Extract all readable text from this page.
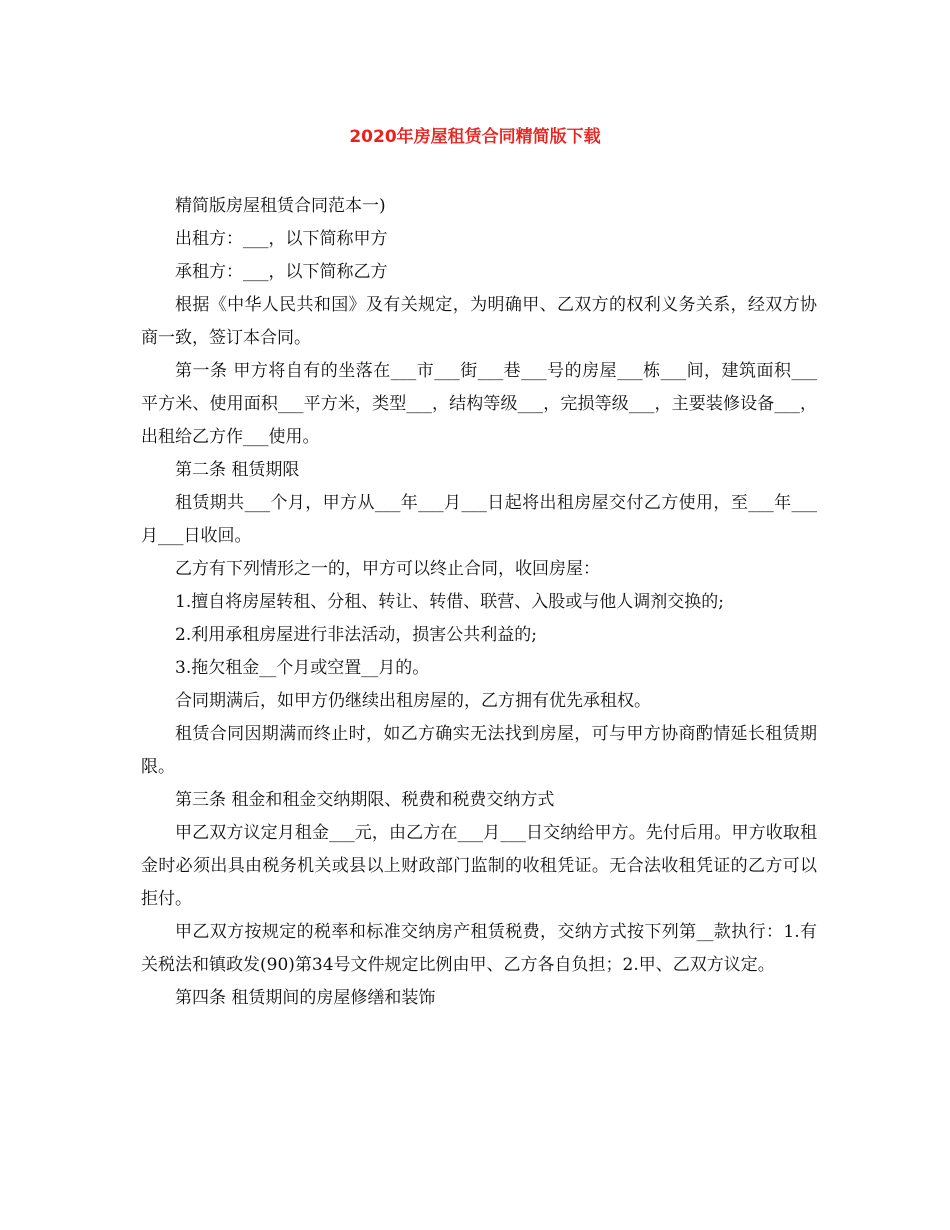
2020年房屋租赁合同精简版下载

精简版房屋租赁合同范本一)

出租方：___，以下简称甲方

承租方：___，以下简称乙方

根据《中华人民共和国》及有关规定，为明确甲、乙双方的权利义务关系，经双方协商一致，签订本合同。

第一条 甲方将自有的坐落在___市___街___巷___号的房屋___栋___间，建筑面积___平方米、使用面积___平方米，类型___，结构等级___，完损等级___，主要装修设备___，出租给乙方作___使用。

第二条 租赁期限

租赁期共___个月，甲方从___年___月___日起将出租房屋交付乙方使用，至___年___月___日收回。

乙方有下列情形之一的，甲方可以终止合同，收回房屋：

1.擅自将房屋转租、分租、转让、转借、联营、入股或与他人调剂交换的;

2.利用承租房屋进行非法活动，损害公共利益的;

3.拖欠租金__个月或空置__月的。

合同期满后，如甲方仍继续出租房屋的，乙方拥有优先承租权。

租赁合同因期满而终止时，如乙方确实无法找到房屋，可与甲方协商酌情延长租赁期限。

第三条 租金和租金交纳期限、税费和税费交纳方式

甲乙双方议定月租金___元，由乙方在___月___日交纳给甲方。先付后用。甲方收取租金时必须出具由税务机关或县以上财政部门监制的收租凭证。无合法收租凭证的乙方可以拒付。

甲乙双方按规定的税率和标准交纳房产租赁税费，交纳方式按下列第__款执行：1.有关税法和镇政发(90)第34号文件规定比例由甲、乙方各自负担；2.甲、乙双方议定。

第四条 租赁期间的房屋修缮和装饰
